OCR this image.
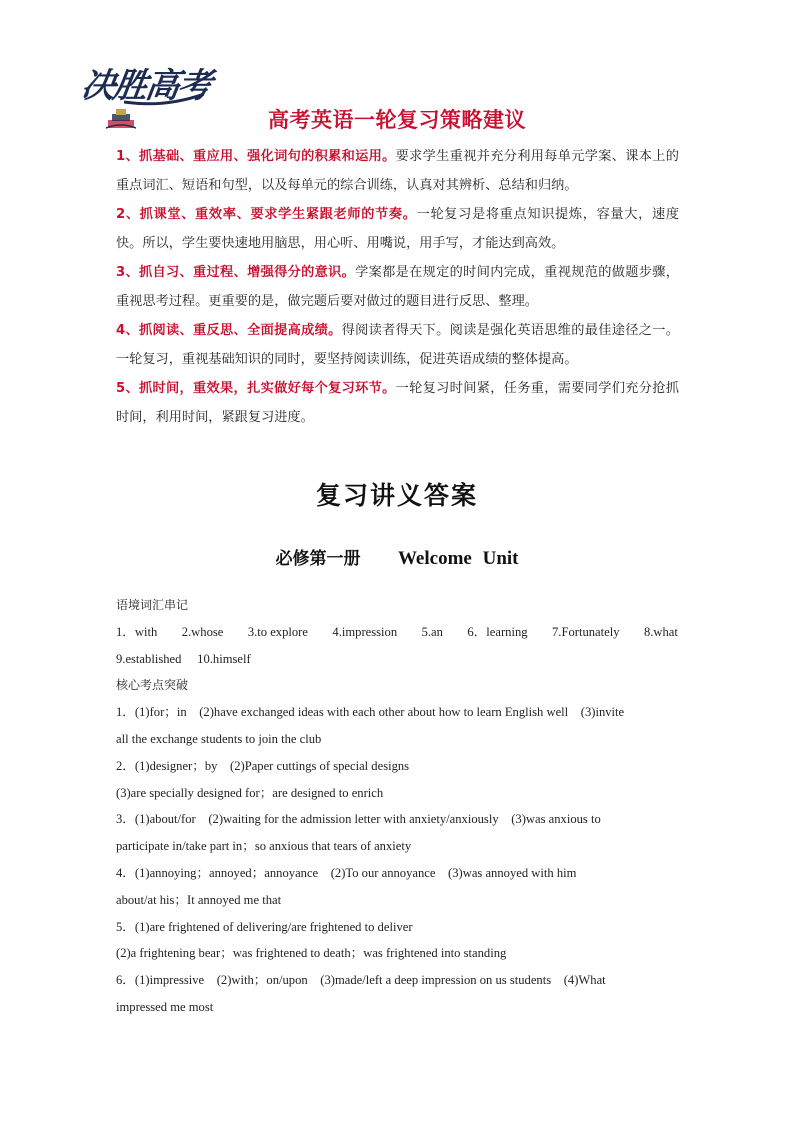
决胜高考
高考英语一轮复习策略建议

1、抓基础、重应用、强化词句的积累和运用。要求学生重视并充分利用每单元学案、课本上的重点词汇、短语和句型，以及每单元的综合训练，认真对其辨析、总结和归纳。

2、抓课堂、重效率、要求学生紧跟老师的节奏。一轮复习是将重点知识提炼，容量大，速度快。所以，学生要快速地用脑思，用心听、用嘴说，用手写，才能达到高效。

3、抓自习、重过程、增强得分的意识。学案都是在规定的时间内完成，重视规范的做题步骤，重视思考过程。更重要的是，做完题后要对做过的题目进行反思、整理。

4、抓阅读、重反思、全面提高成绩。得阅读者得天下。阅读是强化英语思维的最佳途径之一。一轮复习，重视基础知识的同时，要坚持阅读训练，促进英语成绩的整体提高。

5、抓时间，重效果，扎实做好每个复习环节。一轮复习时间紧，任务重，需要同学们充分抢抓时间，利用时间，紧跟复习进度。

复习讲义答案
必修第一册 Welcome Unit
语境词汇串记
1．with 2.whose 3.to explore 4.impression 5.an 6．learning 7.Fortunately 8.what
9.established 10.himself
核心考点突破
1．(1)for；in　(2)have exchanged ideas with each other about how to learn English well　(3)invite
all the exchange students to join the club
2．(1)designer；by　(2)Paper cuttings of special designs
(3)are specially designed for；are designed to enrich
3．(1)about/for　(2)waiting for the admission letter with anxiety/anxiously　(3)was anxious to
participate in/take part in；so anxious that tears of anxiety
4．(1)annoying；annoyed；annoyance　(2)To our annoyance　(3)was annoyed with him
about/at his；It annoyed me that
5．(1)are frightened of delivering/are frightened to deliver
(2)a frightening bear；was frightened to death；was frightened into standing
6．(1)impressive　(2)with；on/upon　(3)made/left a deep impression on us students　(4)What
impressed me most
